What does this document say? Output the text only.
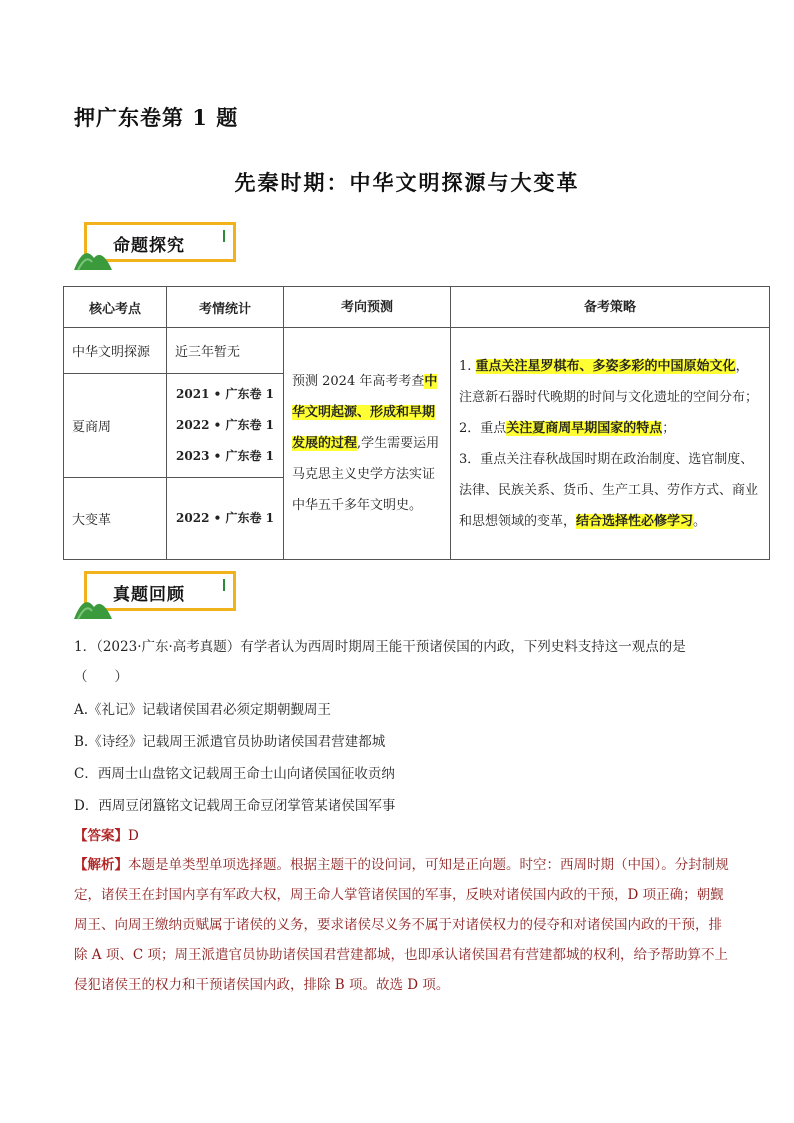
押广东卷第 1 题
先秦时期：中华文明探源与大变革
命题探究
核心考点	考情统计	考向预测	备考策略
中华文明探源	近三年暂无	预测 2024 年高考考查中华文明起源、形成和早期发展的过程,学生需要运用马克思主义史学方法实证中华五千多年文明史。	1. 重点关注星罗棋布、多姿多彩的中国原始文化，注意新石器时代晚期的时间与文化遗址的空间分布；
2．重点关注夏商周早期国家的特点；
3．重点关注春秋战国时期在政治制度、选官制度、法律、民族关系、货币、生产工具、劳作方式、商业和思想领域的变革，结合选择性必修学习。

夏商周	2021 • 广东卷 1
2022 • 广东卷 1
2023 • 广东卷 1		

大变革	2022 • 广东卷 1		
真题回顾
1．（2023·广东·高考真题）有学者认为西周时期周王能干预诸侯国的内政，下列史料支持这一观点的是
（　　）
A.《礼记》记载诸侯国君必须定期朝觐周王
B.《诗经》记载周王派遣官员协助诸侯国君营建都城
C．西周士山盘铭文记载周王命士山向诸侯国征收贡纳
D．西周豆闭簋铭文记载周王命豆闭掌管某诸侯国军事
【答案】D
【解析】本题是单类型单项选择题。根据主题干的设问词，可知是正向题。时空：西周时期（中国）。分封制规定，诸侯王在封国内享有军政大权，周王命人掌管诸侯国的军事，反映对诸侯国内政的干预，D 项正确；朝觐周王、向周王缴纳贡赋属于诸侯的义务，要求诸侯尽义务不属于对诸侯权力的侵夺和对诸侯国内政的干预，排除 A 项、C 项；周王派遣官员协助诸侯国君营建都城，也即承认诸侯国君有营建都城的权利，给予帮助算不上侵犯诸侯王的权力和干预诸侯国内政，排除 B 项。故选 D 项。
